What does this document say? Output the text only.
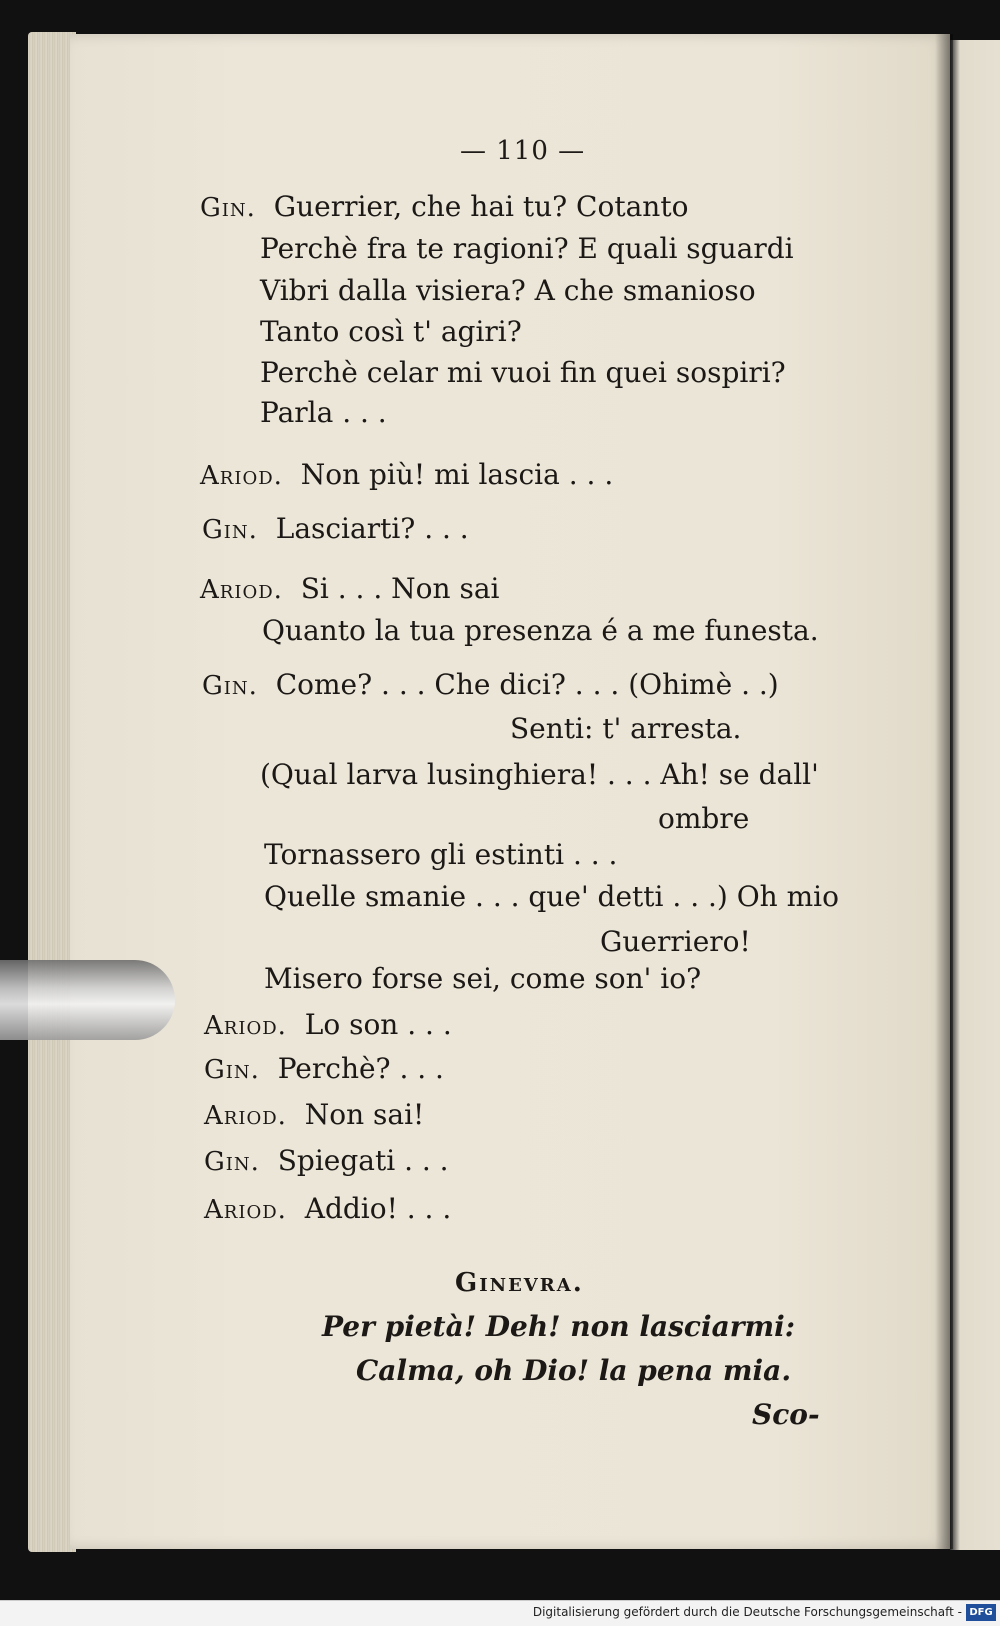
— 110 —
Gin. Guerrier, che hai tu? Cotanto
Perchè fra te ragioni? E quali sguardi
Vibri dalla visiera? A che smanioso
Tanto così t' agiri?
Perchè celar mi vuoi fin quei sospiri?
Parla . . .
Ariod. Non più! mi lascia . . .
Gin. Lasciarti? . . .
Ariod. Si . . . Non sai
Quanto la tua presenza é a me funesta.
Gin. Come? . . . Che dici? . . . (Ohimè . .)
Senti: t' arresta.
(Qual larva lusinghiera! . . . Ah! se dall'
ombre
Tornassero gli estinti . . .
Quelle smanie . . . que' detti . . .) Oh mio
Guerriero!
Misero forse sei, come son' io?
Ariod. Lo son . . .
Gin. Perchè? . . .
Ariod. Non sai!
Gin. Spiegati . . .
Ariod. Addio! . . .
Ginevra.
Per pietà! Deh! non lasciarmi:
Calma, oh Dio! la pena mia.
Sco-
Digitalisierung gefördert durch die Deutsche Forschungsgemeinschaft - DFG
